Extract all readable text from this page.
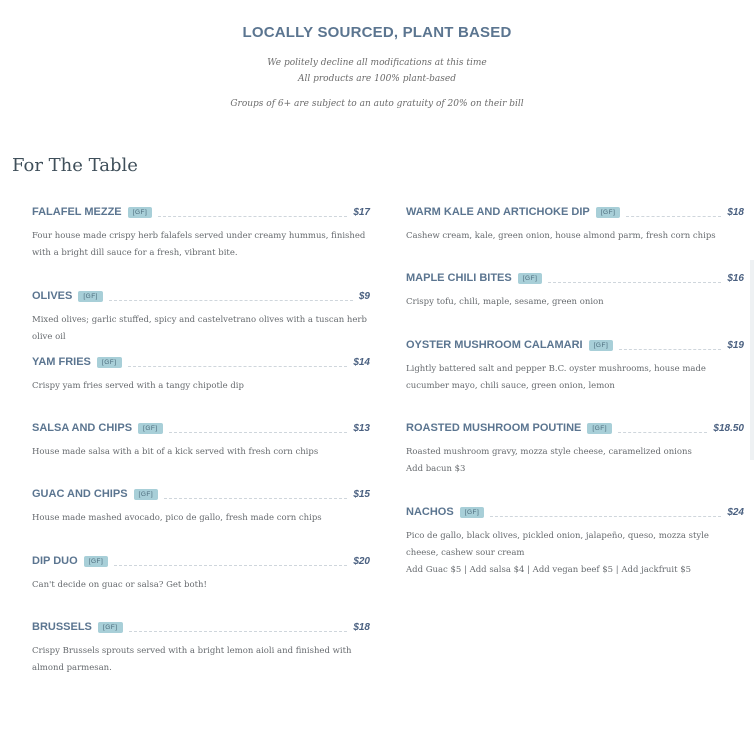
LOCALLY SOURCED, PLANT BASED
We politely decline all modifications at this time
All products are 100% plant-based
Groups of 6+ are subject to an auto gratuity of 20% on their bill
For The Table
FALAFEL MEZZE	[GF]	$17
Four house made crispy herb falafels served under creamy hummus, finished with a bright dill sauce for a fresh, vibrant bite.
OLIVES	[GF]	$9
Mixed olives; garlic stuffed, spicy and castelvetrano olives with a tuscan herb olive oil
YAM FRIES	[GF]	$14
Crispy yam fries served with a tangy chipotle dip
SALSA AND CHIPS	[GF]	$13
House made salsa with a bit of a kick served with fresh corn chips
GUAC AND CHIPS	[GF]	$15
House made mashed avocado, pico de gallo, fresh made corn chips
DIP DUO	[GF]	$20
Can't decide on guac or salsa? Get both!
BRUSSELS	[GF]	$18
Crispy Brussels sprouts served with a bright lemon aioli and finished with almond parmesan.
WARM KALE AND ARTICHOKE DIP	[GF]	$18
Cashew cream, kale, green onion, house almond parm, fresh corn chips
MAPLE CHILI BITES	[GF]	$16
Crispy tofu, chili, maple, sesame, green onion
OYSTER MUSHROOM CALAMARI	[GF]	$19
Lightly battered salt and pepper B.C. oyster mushrooms, house made cucumber mayo, chili sauce, green onion, lemon
ROASTED MUSHROOM POUTINE	[GF]	$18.50
Roasted mushroom gravy, mozza style cheese, caramelized onions
Add bacun $3
NACHOS	[GF]	$24
Pico de gallo, black olives, pickled onion, jalapeño, queso, mozza style cheese, cashew sour cream
Add Guac $5 | Add salsa $4 | Add vegan beef $5 | Add jackfruit $5
